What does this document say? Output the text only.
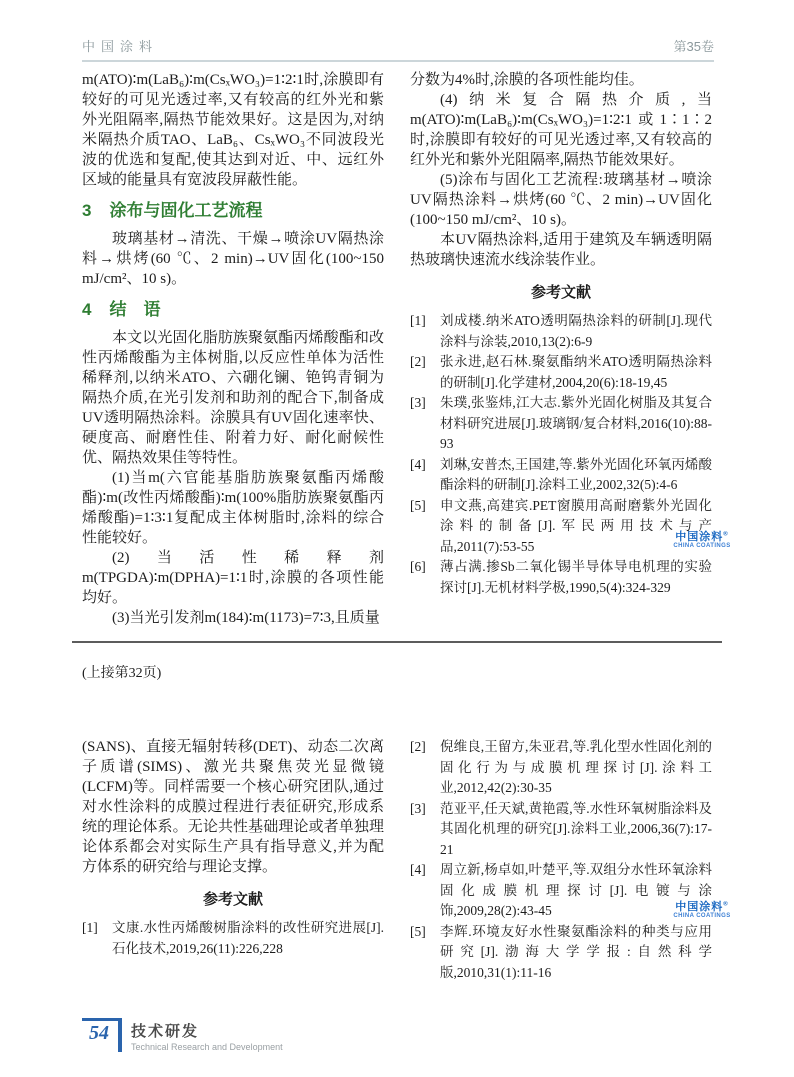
中国涂料	第35卷

m(ATO)∶m(LaB₆)∶m(CsₓWO₃)=1∶2∶1时,涂膜即有较好的可见光透过率,又有较高的红外光和紫外光阻隔率,隔热节能效果好。这是因为,对纳米隔热介质TAO、LaB₆、CsₓWO₃不同波段光波的优选和复配,使其达到对近、中、远红外区域的能量具有宽波段屏蔽性能。

3 涂布与固化工艺流程

玻璃基材→清洗、干燥→喷涂UV隔热涂料→烘烤(60 ℃、2 min)→UV固化(100~150 mJ/cm²、10 s)。

4 结　语

本文以光固化脂肪族聚氨酯丙烯酸酯和改性丙烯酸酯为主体树脂,以反应性单体为活性稀释剂,以纳米ATO、六硼化镧、铯钨青铜为隔热介质,在光引发剂和助剂的配合下,制备成UV透明隔热涂料。涂膜具有UV固化速率快、硬度高、耐磨性佳、附着力好、耐化耐候性优、隔热效果佳等特性。

(1)当m(六官能基脂肪族聚氨酯丙烯酸酯)∶m(改性丙烯酸酯)∶m(100%脂肪族聚氨酯丙烯酸酯)=1∶3∶1复配成主体树脂时,涂料的综合性能较好。

(2)当活性稀释剂m(TPGDA)∶m(DPHA)=1∶1时,涂膜的各项性能均好。

(3)当光引发剂m(184)∶m(1173)=7∶3,且质量

分数为4%时,涂膜的各项性能均佳。

(4)纳米复合隔热介质,当m(ATO)∶m(LaB₆)∶m(CsₓWO₃)=1∶2∶1或1∶1∶2时,涂膜即有较好的可见光透过率,又有较高的红外光和紫外光阻隔率,隔热节能效果好。

(5)涂布与固化工艺流程:玻璃基材→喷涂UV隔热涂料→烘烤(60 ℃、2 min)→UV固化(100~150 mJ/cm²、10 s)。

本UV隔热涂料,适用于建筑及车辆透明隔热玻璃快速流水线涂装作业。

参考文献

[1]	刘成楼.纳米ATO透明隔热涂料的研制[J].现代涂料与涂装,2010,13(2):6-9
[2]	张永进,赵石林.聚氨酯纳米ATO透明隔热涂料的研制[J].化学建材,2004,20(6):18-19,45
[3]	朱璞,张鉴炜,江大志.紫外光固化树脂及其复合材料研究进展[J].玻璃钢/复合材料,2016(10):88-93
[4]	刘琳,安普杰,王国建,等.紫外光固化环氧丙烯酸酯涂料的研制[J].涂料工业,2002,32(5):4-6
[5]	申文燕,高建宾.PET窗膜用高耐磨紫外光固化涂料的制备[J].军民两用技术与产品,2011(7):53-55
[6]	薄占满.掺Sb二氧化锡半导体导电机理的实验探讨[J].无机材料学极,1990,5(4):324-329
中国涂料®
CHINA COATINGS
(上接第32页)

(SANS)、直接无辐射转移(DET)、动态二次离子质谱(SIMS)、激光共聚焦荧光显微镜(LCFM)等。同样需要一个核心研究团队,通过对水性涂料的成膜过程进行表征研究,形成系统的理论体系。无论共性基础理论或者单独理论体系都会对实际生产具有指导意义,并为配方体系的研究给与理论支撑。

参考文献

[1]	文康.水性丙烯酸树脂涂料的改性研究进展[J].石化技术,2019,26(11):226,228
[2]	倪维良,王留方,朱亚君,等.乳化型水性固化剂的固化行为与成膜机理探讨[J].涂料工业,2012,42(2):30-35
[3]	范亚平,任天斌,黄艳霞,等.水性环氧树脂涂料及其固化机理的研究[J].涂料工业,2006,36(7):17-21
[4]	周立新,杨卓如,叶楚平,等.双组分水性环氧涂料固化成膜机理探讨[J].电镀与涂饰,2009,28(2):43-45
[5]	李辉.环境友好水性聚氨酯涂料的种类与应用研究[J].渤海大学学报:自然科学版,2010,31(1):11-16
中国涂料®
CHINA COATINGS
54	技术研发
Technical Research and Development
